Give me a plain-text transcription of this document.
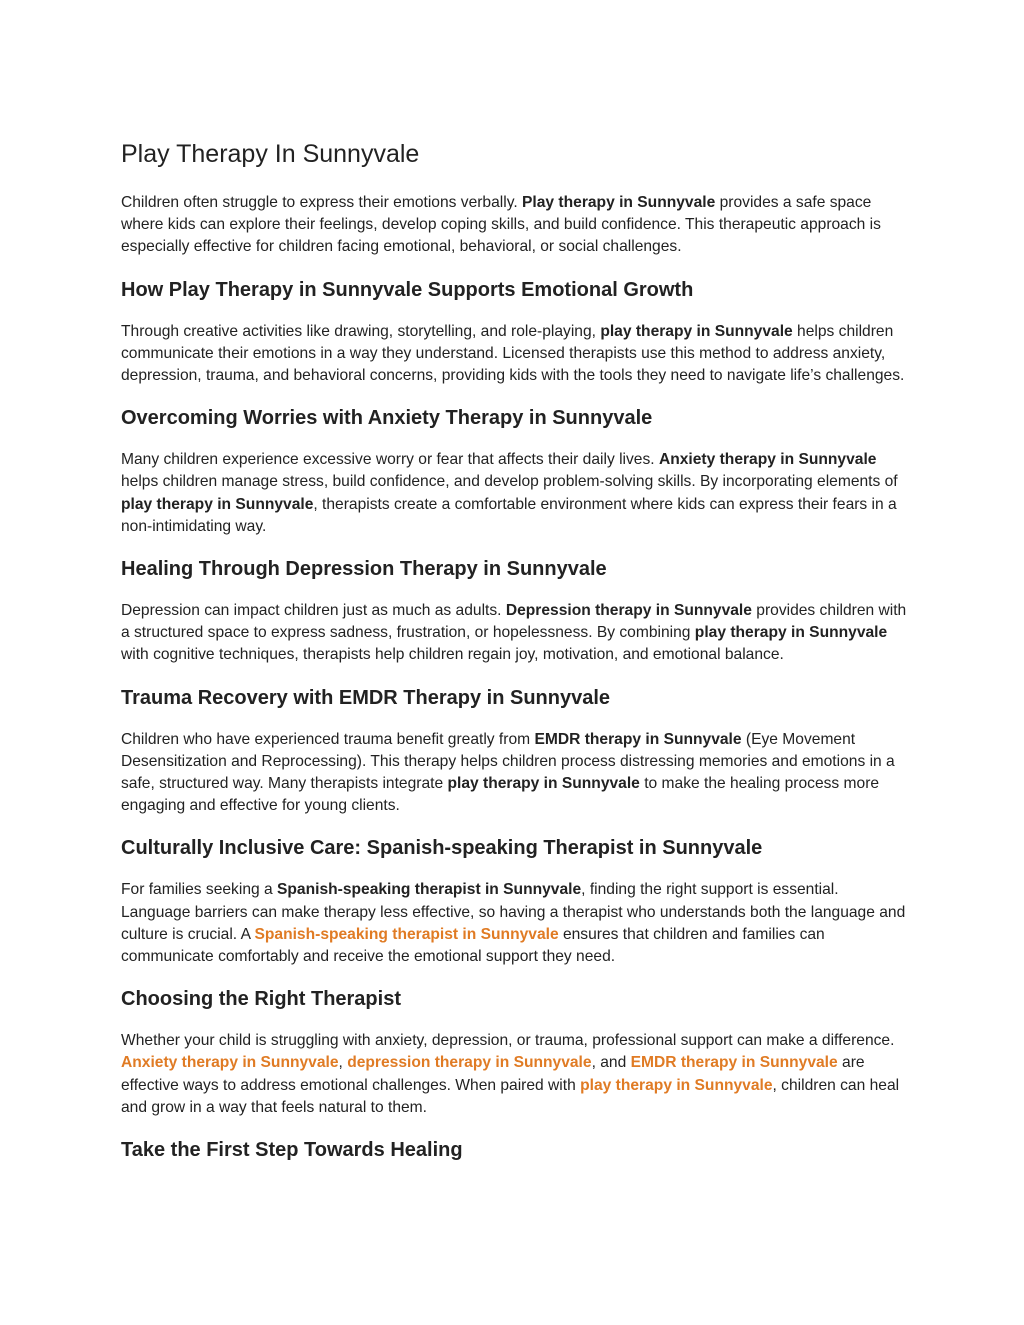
Play Therapy In Sunnyvale

Children often struggle to express their emotions verbally. Play therapy in Sunnyvale provides a safe space where kids can explore their feelings, develop coping skills, and build confidence. This therapeutic approach is especially effective for children facing emotional, behavioral, or social challenges.

How Play Therapy in Sunnyvale Supports Emotional Growth

Through creative activities like drawing, storytelling, and role-playing, play therapy in Sunnyvale helps children communicate their emotions in a way they understand. Licensed therapists use this method to address anxiety, depression, trauma, and behavioral concerns, providing kids with the tools they need to navigate life’s challenges.

Overcoming Worries with Anxiety Therapy in Sunnyvale

Many children experience excessive worry or fear that affects their daily lives. Anxiety therapy in Sunnyvale helps children manage stress, build confidence, and develop problem-solving skills. By incorporating elements of play therapy in Sunnyvale, therapists create a comfortable environment where kids can express their fears in a non-intimidating way.

Healing Through Depression Therapy in Sunnyvale

Depression can impact children just as much as adults. Depression therapy in Sunnyvale provides children with a structured space to express sadness, frustration, or hopelessness. By combining play therapy in Sunnyvale with cognitive techniques, therapists help children regain joy, motivation, and emotional balance.

Trauma Recovery with EMDR Therapy in Sunnyvale

Children who have experienced trauma benefit greatly from EMDR therapy in Sunnyvale (Eye Movement Desensitization and Reprocessing). This therapy helps children process distressing memories and emotions in a safe, structured way. Many therapists integrate play therapy in Sunnyvale to make the healing process more engaging and effective for young clients.

Culturally Inclusive Care: Spanish-speaking Therapist in Sunnyvale

For families seeking a Spanish-speaking therapist in Sunnyvale, finding the right support is essential. Language barriers can make therapy less effective, so having a therapist who understands both the language and culture is crucial. A Spanish-speaking therapist in Sunnyvale ensures that children and families can communicate comfortably and receive the emotional support they need.

Choosing the Right Therapist

Whether your child is struggling with anxiety, depression, or trauma, professional support can make a difference. Anxiety therapy in Sunnyvale, depression therapy in Sunnyvale, and EMDR therapy in Sunnyvale are effective ways to address emotional challenges. When paired with play therapy in Sunnyvale, children can heal and grow in a way that feels natural to them.

Take the First Step Towards Healing
